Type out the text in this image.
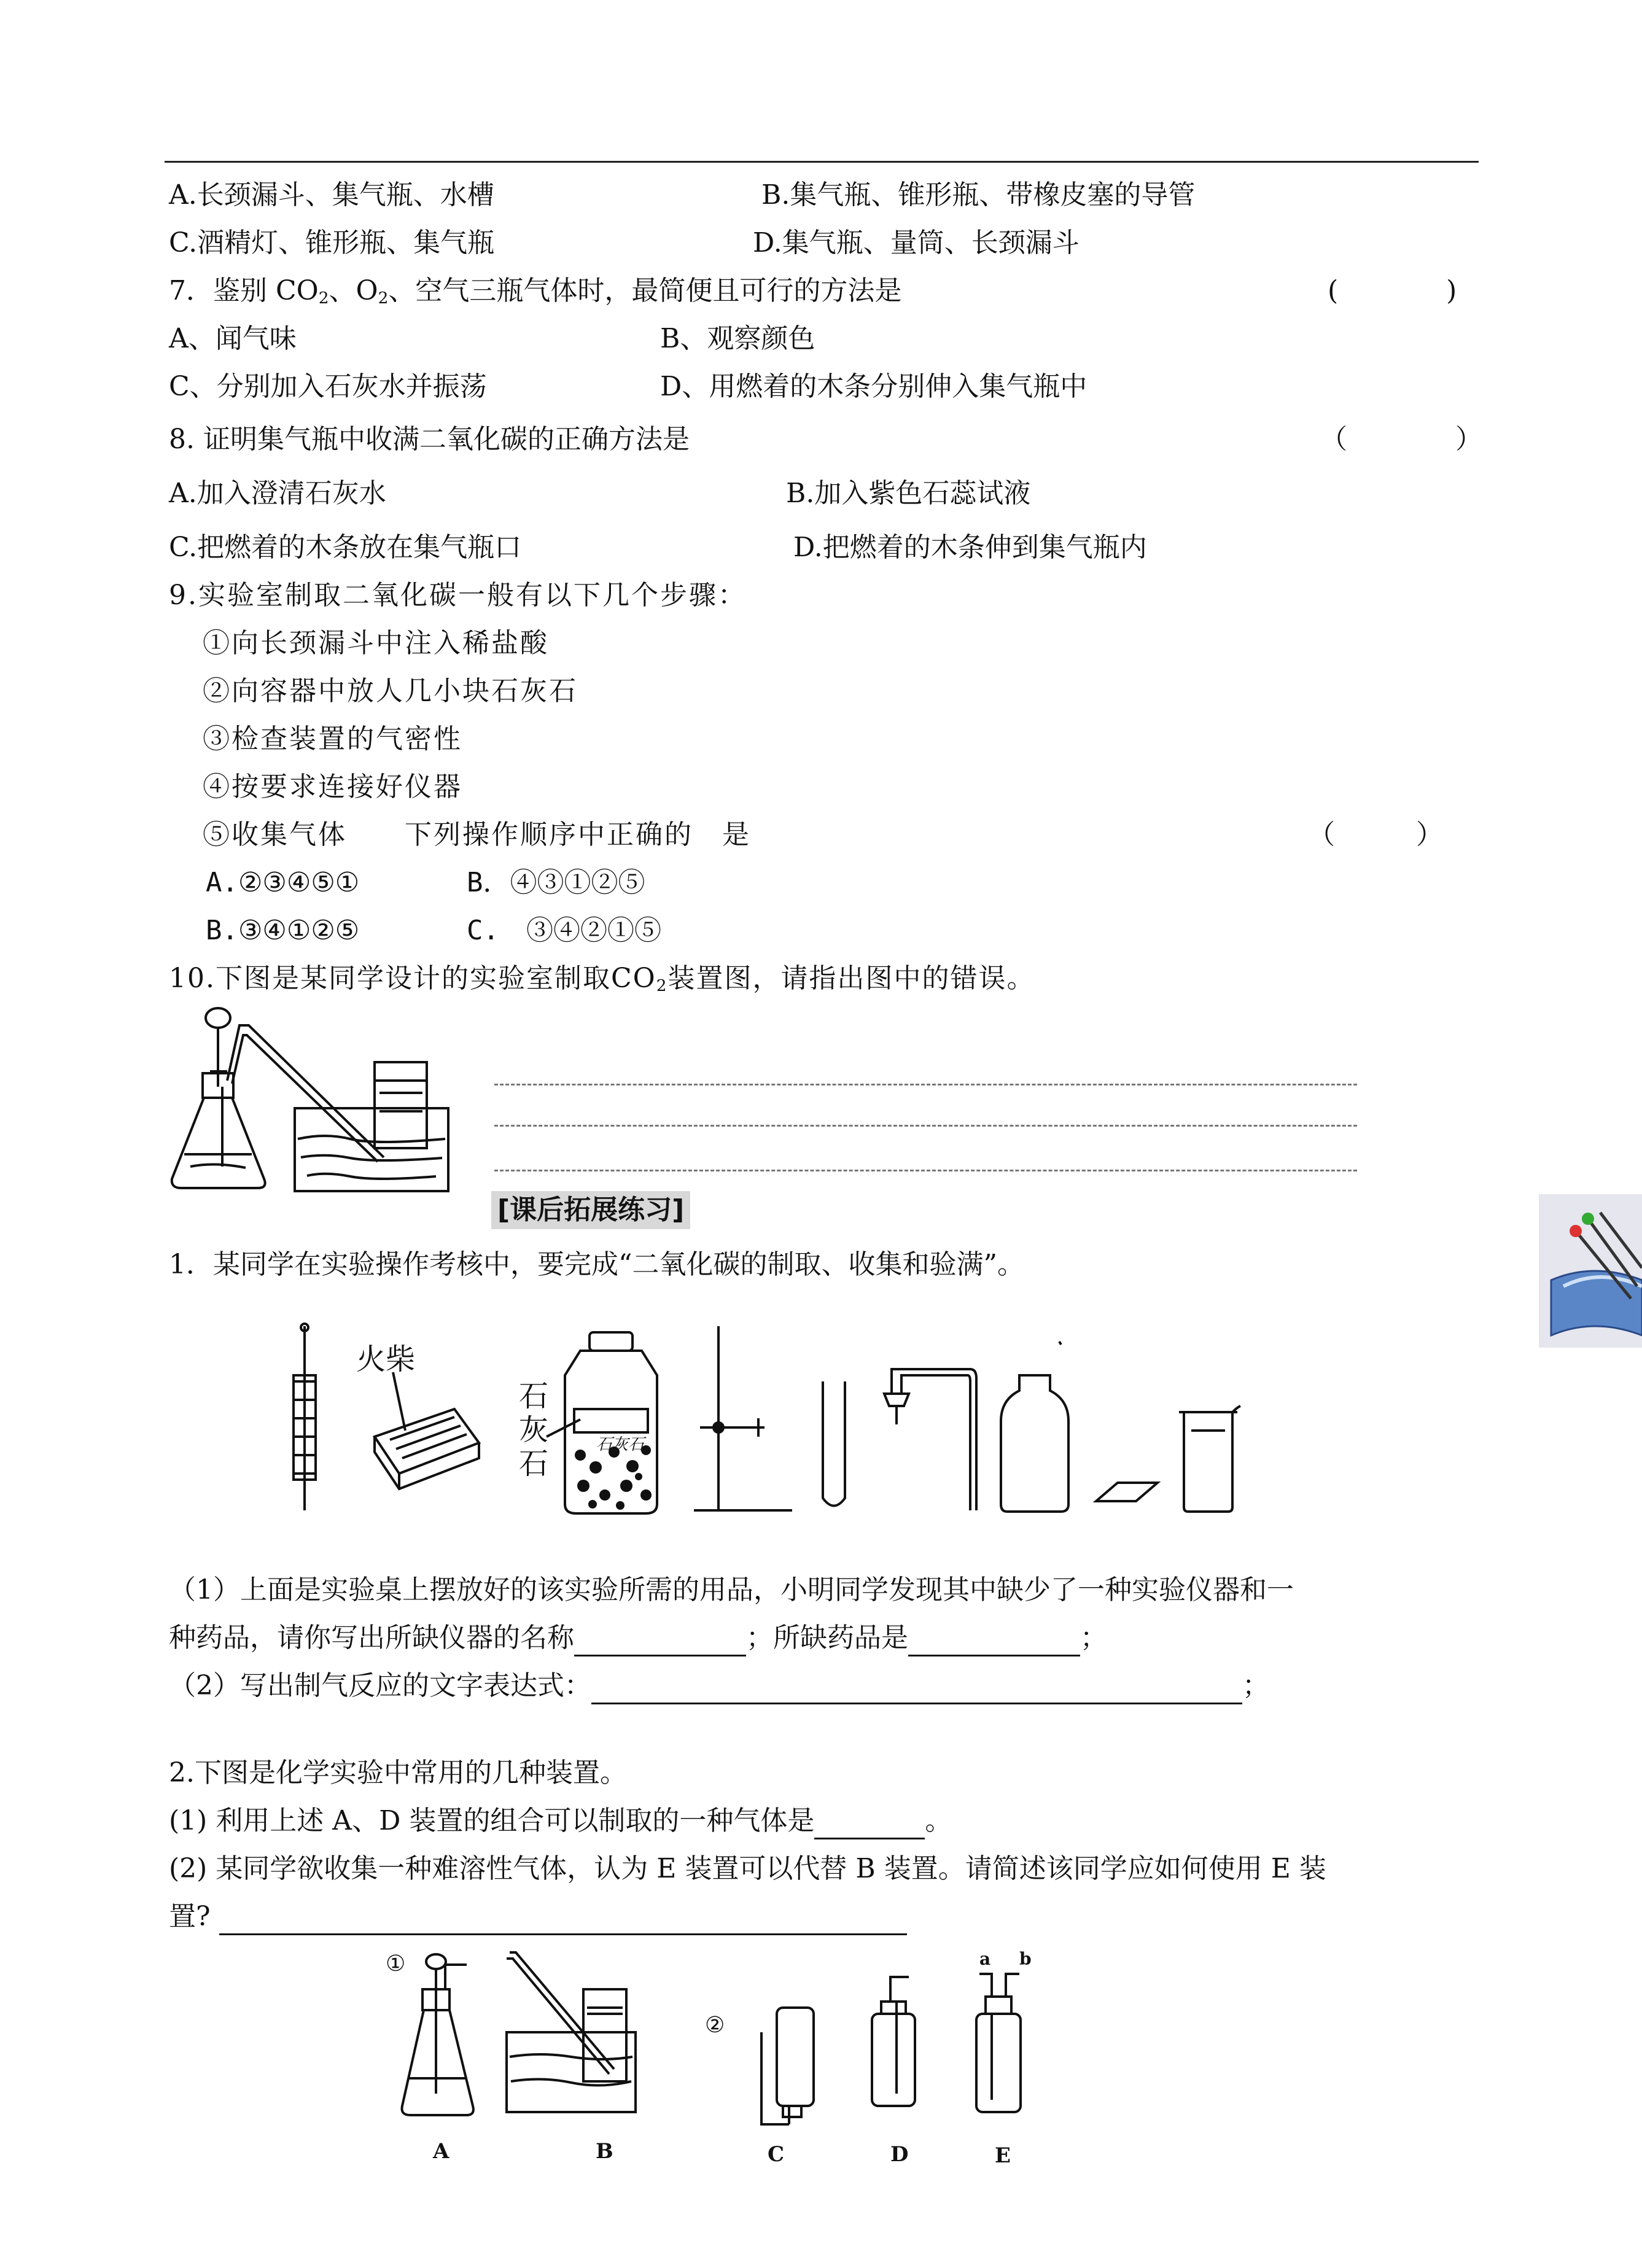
A.长颈漏斗、集气瓶、水槽	B.集气瓶、锥形瓶、带橡皮塞的导管
C.酒精灯、锥形瓶、集气瓶	D.集气瓶、量筒、长颈漏斗
7．鉴别 $CO_2$、$O_2$、空气三瓶气体时，最简便且可行的方法是	(　　　　)
A、闻气味	B、观察颜色
C、分别加入石灰水并振荡	D、用燃着的木条分别伸入集气瓶中
8. 证明集气瓶中收满二氧化碳的正确方法是	（　　　　）
A.加入澄清石灰水	B.加入紫色石蕊试液
C.把燃着的木条放在集气瓶口	D.把燃着的木条伸到集气瓶内
9.实验室制取二氧化碳一般有以下几个步骤：
①向长颈漏斗中注入稀盐酸
②向容器中放人几小块石灰石
③检查装置的气密性
④按要求连接好仪器
⑤收集气体　　下列操作顺序中正确的　是	（　　　）
A.②③④⑤①	B．④③①②⑤
B.③④①②⑤	C.　③④②①⑤
10.下图是某同学设计的实验室制取$CO_2$装置图，请指出图中的错误。
[课后拓展练习]
1．某同学在实验操作考核中，要完成“二氧化碳的制取、收集和验满”。
火柴
石
灰
石
石灰石
（1）上面是实验桌上摆放好的该实验所需的用品，小明同学发现其中缺少了一种实验仪器和一
种药品，请你写出所缺仪器的名称	；所缺药品是	；
（2）写出制气反应的文字表达式：	；
2.下图是化学实验中常用的几种装置。
(1) 利用上述 A、D 装置的组合可以制取的一种气体是	。
(2) 某同学欲收集一种难溶性气体，认为 E 装置可以代替 B 装置。请简述该同学应如何使用 E 装
置?
A	B	C	D	E
①
②
a b
